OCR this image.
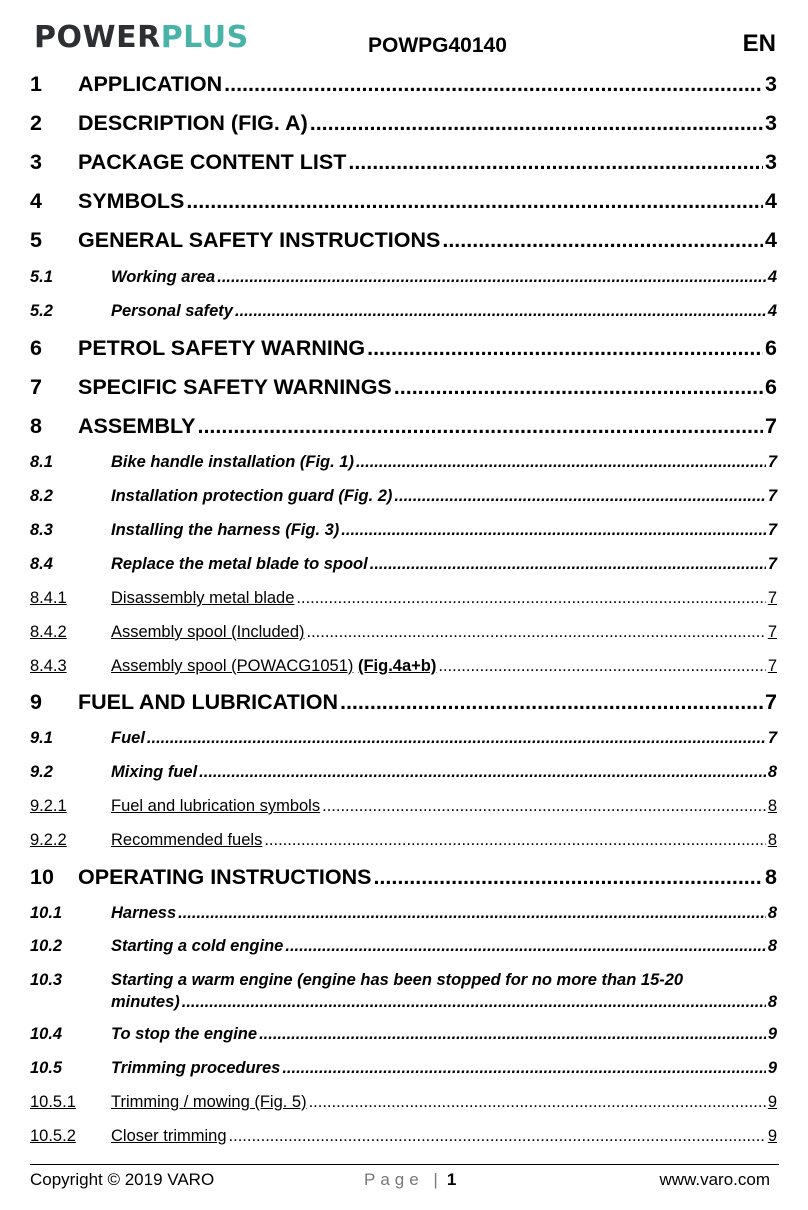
POWERPLUS	POWPG40140	EN
1	APPLICATION .....	3
2	DESCRIPTION (FIG. A) .....	3
3	PACKAGE CONTENT LIST .....	3
4	SYMBOLS .....	4
5	GENERAL SAFETY INSTRUCTIONS .....	4
5.1	Working area .....	4
5.2	Personal safety .....	4
6	PETROL SAFETY WARNING .....	6
7	SPECIFIC SAFETY WARNINGS .....	6
8	ASSEMBLY .....	7
8.1	Bike handle installation (Fig. 1) .....	7
8.2	Installation protection guard (Fig. 2) .....	7
8.3	Installing the harness (Fig. 3) .....	7
8.4	Replace the metal blade to spool .....	7
8.4.1	Disassembly metal blade .....	7
8.4.2	Assembly spool (Included) .....	7
8.4.3	Assembly spool (POWACG1051) (Fig.4a+b) .....	7
9	FUEL AND LUBRICATION .....	7
9.1	Fuel .....	7
9.2	Mixing fuel .....	8
9.2.1	Fuel and lubrication symbols .....	8
9.2.2	Recommended fuels .....	8
10	OPERATING INSTRUCTIONS .....	8
10.1	Harness .....	8
10.2	Starting a cold engine .....	8
10.3	Starting a warm engine (engine has been stopped for no more than 15-20
minutes) .....	8
10.4	To stop the engine .....	9
10.5	Trimming procedures .....	9
10.5.1	Trimming / mowing (Fig. 5) .....	9
10.5.2	Closer trimming .....	9
Copyright © 2019 VARO	Page | 1	www.varo.com
